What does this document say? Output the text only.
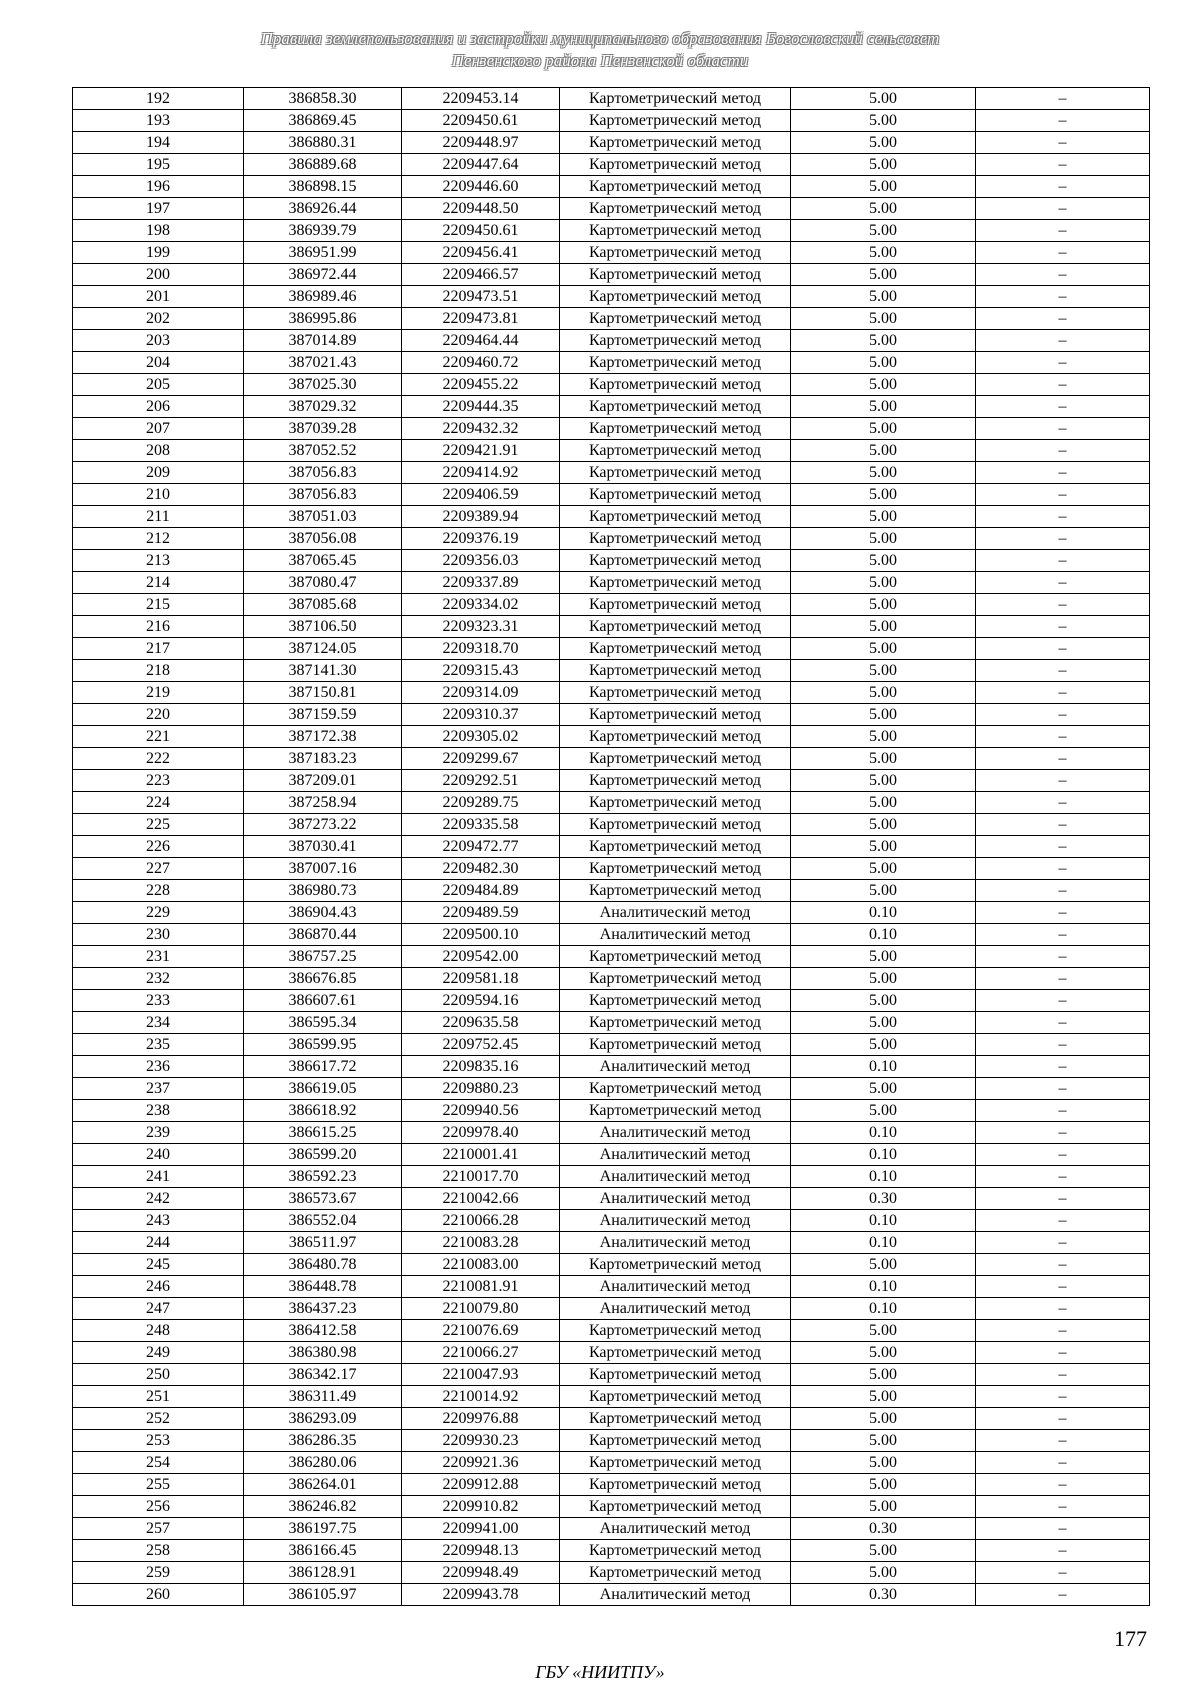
Правила землепользования и застройки муниципального образования Богословский сельсовет
Пензенского района Пензенской области
192	386858.30	2209453.14	Картометрический метод	5.00	–
193	386869.45	2209450.61	Картометрический метод	5.00	–
194	386880.31	2209448.97	Картометрический метод	5.00	–
195	386889.68	2209447.64	Картометрический метод	5.00	–
196	386898.15	2209446.60	Картометрический метод	5.00	–
197	386926.44	2209448.50	Картометрический метод	5.00	–
198	386939.79	2209450.61	Картометрический метод	5.00	–
199	386951.99	2209456.41	Картометрический метод	5.00	–
200	386972.44	2209466.57	Картометрический метод	5.00	–
201	386989.46	2209473.51	Картометрический метод	5.00	–
202	386995.86	2209473.81	Картометрический метод	5.00	–
203	387014.89	2209464.44	Картометрический метод	5.00	–
204	387021.43	2209460.72	Картометрический метод	5.00	–
205	387025.30	2209455.22	Картометрический метод	5.00	–
206	387029.32	2209444.35	Картометрический метод	5.00	–
207	387039.28	2209432.32	Картометрический метод	5.00	–
208	387052.52	2209421.91	Картометрический метод	5.00	–
209	387056.83	2209414.92	Картометрический метод	5.00	–
210	387056.83	2209406.59	Картометрический метод	5.00	–
211	387051.03	2209389.94	Картометрический метод	5.00	–
212	387056.08	2209376.19	Картометрический метод	5.00	–
213	387065.45	2209356.03	Картометрический метод	5.00	–
214	387080.47	2209337.89	Картометрический метод	5.00	–
215	387085.68	2209334.02	Картометрический метод	5.00	–
216	387106.50	2209323.31	Картометрический метод	5.00	–
217	387124.05	2209318.70	Картометрический метод	5.00	–
218	387141.30	2209315.43	Картометрический метод	5.00	–
219	387150.81	2209314.09	Картометрический метод	5.00	–
220	387159.59	2209310.37	Картометрический метод	5.00	–
221	387172.38	2209305.02	Картометрический метод	5.00	–
222	387183.23	2209299.67	Картометрический метод	5.00	–
223	387209.01	2209292.51	Картометрический метод	5.00	–
224	387258.94	2209289.75	Картометрический метод	5.00	–
225	387273.22	2209335.58	Картометрический метод	5.00	–
226	387030.41	2209472.77	Картометрический метод	5.00	–
227	387007.16	2209482.30	Картометрический метод	5.00	–
228	386980.73	2209484.89	Картометрический метод	5.00	–
229	386904.43	2209489.59	Аналитический метод	0.10	–
230	386870.44	2209500.10	Аналитический метод	0.10	–
231	386757.25	2209542.00	Картометрический метод	5.00	–
232	386676.85	2209581.18	Картометрический метод	5.00	–
233	386607.61	2209594.16	Картометрический метод	5.00	–
234	386595.34	2209635.58	Картометрический метод	5.00	–
235	386599.95	2209752.45	Картометрический метод	5.00	–
236	386617.72	2209835.16	Аналитический метод	0.10	–
237	386619.05	2209880.23	Картометрический метод	5.00	–
238	386618.92	2209940.56	Картометрический метод	5.00	–
239	386615.25	2209978.40	Аналитический метод	0.10	–
240	386599.20	2210001.41	Аналитический метод	0.10	–
241	386592.23	2210017.70	Аналитический метод	0.10	–
242	386573.67	2210042.66	Аналитический метод	0.30	–
243	386552.04	2210066.28	Аналитический метод	0.10	–
244	386511.97	2210083.28	Аналитический метод	0.10	–
245	386480.78	2210083.00	Картометрический метод	5.00	–
246	386448.78	2210081.91	Аналитический метод	0.10	–
247	386437.23	2210079.80	Аналитический метод	0.10	–
248	386412.58	2210076.69	Картометрический метод	5.00	–
249	386380.98	2210066.27	Картометрический метод	5.00	–
250	386342.17	2210047.93	Картометрический метод	5.00	–
251	386311.49	2210014.92	Картометрический метод	5.00	–
252	386293.09	2209976.88	Картометрический метод	5.00	–
253	386286.35	2209930.23	Картометрический метод	5.00	–
254	386280.06	2209921.36	Картометрический метод	5.00	–
255	386264.01	2209912.88	Картометрический метод	5.00	–
256	386246.82	2209910.82	Картометрический метод	5.00	–
257	386197.75	2209941.00	Аналитический метод	0.30	–
258	386166.45	2209948.13	Картометрический метод	5.00	–
259	386128.91	2209948.49	Картометрический метод	5.00	–
260	386105.97	2209943.78	Аналитический метод	0.30	–
177
ГБУ «НИИТПУ»
